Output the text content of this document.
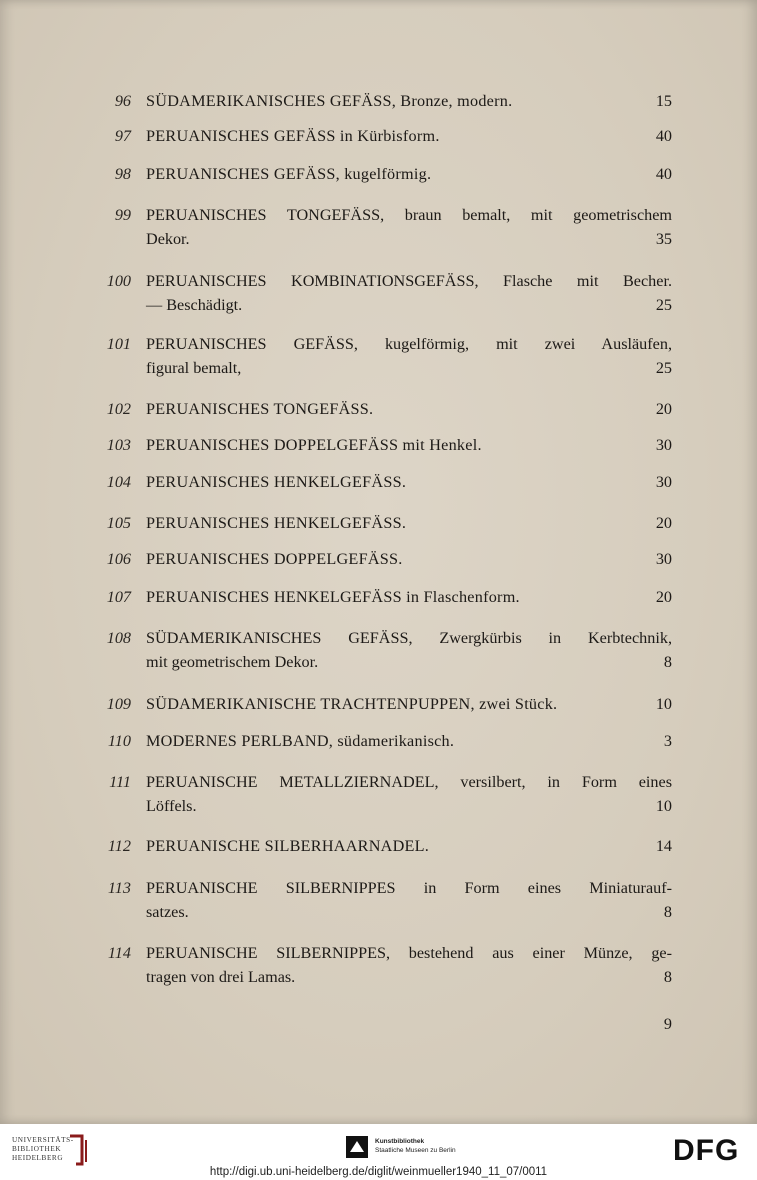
96 SÜDAMERIKANISCHES GEFÄSS, Bronze, modern.	15
97 PERUANISCHES GEFÄSS in Kürbisform.	40
98 PERUANISCHES GEFÄSS, kugelförmig.	40
99 PERUANISCHES TONGEFÄSS, braun bemalt, mit geometrischem
Dekor.	35
100 PERUANISCHES KOMBINATIONSGEFÄSS, Flasche mit Becher.
— Beschädigt.	25
101 PERUANISCHES GEFÄSS, kugelförmig, mit zwei Ausläufen,
figural bemalt,	25
102 PERUANISCHES TONGEFÄSS.	20
103 PERUANISCHES DOPPELGEFÄSS mit Henkel.	30
104 PERUANISCHES HENKELGEFÄSS.	30
105 PERUANISCHES HENKELGEFÄSS.	20
106 PERUANISCHES DOPPELGEFÄSS.	30
107 PERUANISCHES HENKELGEFÄSS in Flaschenform.	20
108 SÜDAMERIKANISCHES GEFÄSS, Zwergkürbis in Kerbtechnik,
mit geometrischem Dekor.	8
109 SÜDAMERIKANISCHE TRACHTENPUPPEN, zwei Stück.	10
110 MODERNES PERLBAND, südamerikanisch.	3
111 PERUANISCHE METALLZIERNADEL, versilbert, in Form eines
Löffels.	10
112 PERUANISCHE SILBERHAARNADEL.	14
113 PERUANISCHE SILBERNIPPES in Form eines Miniaturauf-
satzes.	8
114 PERUANISCHE SILBERNIPPES, bestehend aus einer Münze, ge-
tragen von drei Lamas.	8
9
UNIVERSITÄTS-
BIBLIOTHEK
HEIDELBERG
Kunstbibliothek
Staatliche Museen zu Berlin	DFG
http://digi.ub.uni-heidelberg.de/diglit/weinmueller1940_11_07/0011
